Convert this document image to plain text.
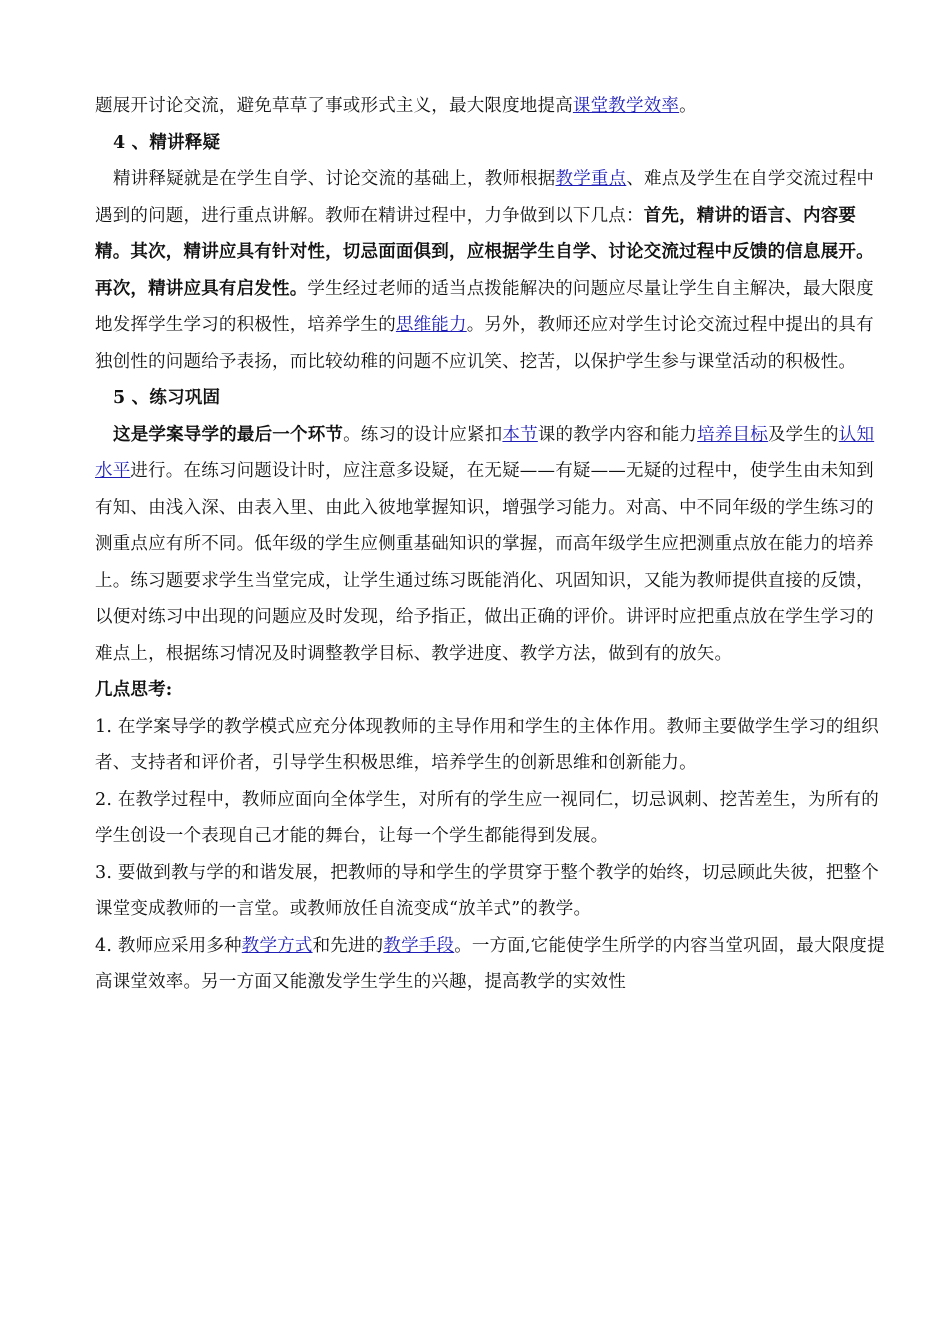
题展开讨论交流，避免草草了事或形式主义，最大限度地提高课堂教学效率。

4 、精讲释疑

精讲释疑就是在学生自学、讨论交流的基础上，教师根据教学重点、难点及学生在自学交流过程中遇到的问题，进行重点讲解。教师在精讲过程中，力争做到以下几点：首先，精讲的语言、内容要精。其次，精讲应具有针对性，切忌面面俱到，应根据学生自学、讨论交流过程中反馈的信息展开。再次，精讲应具有启发性。学生经过老师的适当点拨能解决的问题应尽量让学生自主解决，最大限度地发挥学生学习的积极性，培养学生的思维能力。另外，教师还应对学生讨论交流过程中提出的具有独创性的问题给予表扬，而比较幼稚的问题不应讥笑、挖苦，以保护学生参与课堂活动的积极性。

5 、练习巩固

这是学案导学的最后一个环节。练习的设计应紧扣本节课的教学内容和能力培养目标及学生的认知水平进行。在练习问题设计时，应注意多设疑，在无疑——有疑——无疑的过程中，使学生由未知到有知、由浅入深、由表入里、由此入彼地掌握知识，增强学习能力。对高、中不同年级的学生练习的测重点应有所不同。低年级的学生应侧重基础知识的掌握，而高年级学生应把测重点放在能力的培养上。练习题要求学生当堂完成，让学生通过练习既能消化、巩固知识，又能为教师提供直接的反馈，以便对练习中出现的问题应及时发现，给予指正，做出正确的评价。讲评时应把重点放在学生学习的难点上，根据练习情况及时调整教学目标、教学进度、教学方法，做到有的放矢。

几点思考:

1. 在学案导学的教学模式应充分体现教师的主导作用和学生的主体作用。教师主要做学生学习的组织者、支持者和评价者，引导学生积极思维，培养学生的创新思维和创新能力。

2. 在教学过程中，教师应面向全体学生，对所有的学生应一视同仁，切忌讽刺、挖苦差生，为所有的学生创设一个表现自己才能的舞台，让每一个学生都能得到发展。

3. 要做到教与学的和谐发展，把教师的导和学生的学贯穿于整个教学的始终，切忌顾此失彼，把整个课堂变成教师的一言堂。或教师放任自流变成“放羊式”的教学。

4. 教师应采用多种教学方式和先进的教学手段。一方面,它能使学生所学的内容当堂巩固，最大限度提高课堂效率。另一方面又能激发学生学生的兴趣，提高教学的实效性
